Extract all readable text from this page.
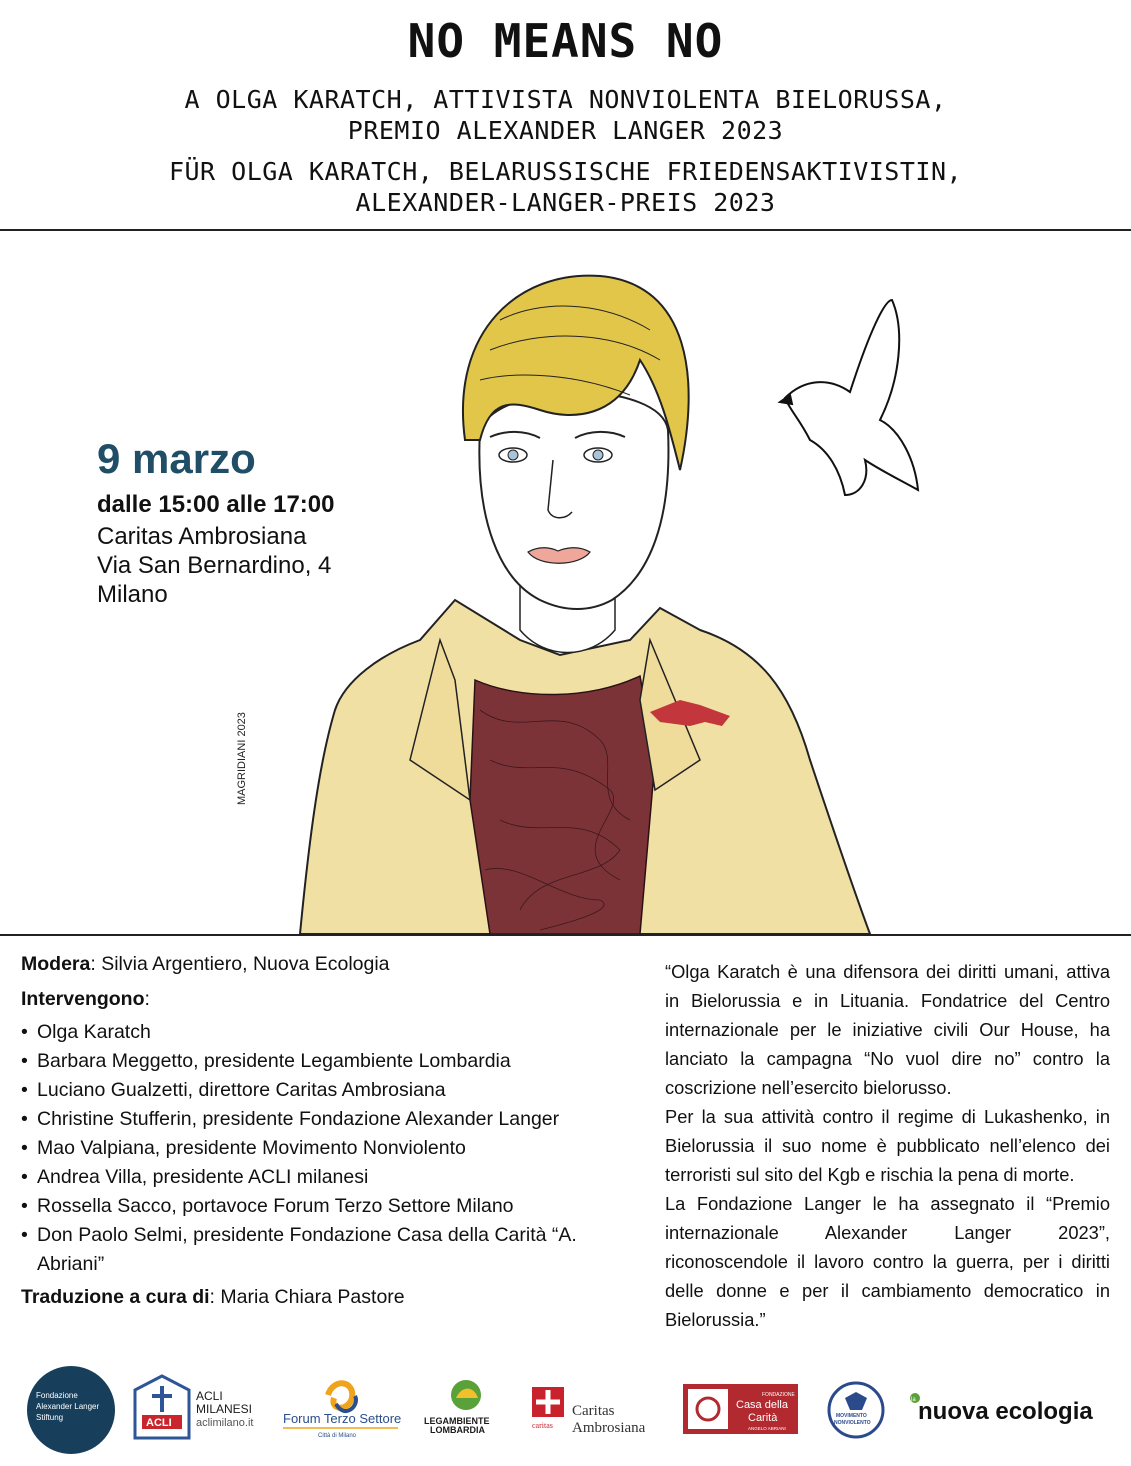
NO MEANS NO
A OLGA KARATCH, ATTIVISTA NONVIOLENTA BIELORUSSA,
PREMIO ALEXANDER LANGER 2023
FÜR OLGA KARATCH, BELARUSSISCHE FRIEDENSAKTIVISTIN,
ALEXANDER-LANGER-PREIS 2023
MAGRIDIANI 2023
9 marzo
dalle 15:00 alle 17:00
Caritas Ambrosiana
Via San Bernardino, 4
Milano
Modera: Silvia Argentiero, Nuova Ecologia
Intervengono:
• Olga Karatch
• Barbara Meggetto, presidente Legambiente Lombardia
• Luciano Gualzetti, direttore Caritas Ambrosiana
• Christine Stufferin, presidente Fondazione Alexander Langer
• Mao Valpiana, presidente Movimento Nonviolento
• Andrea Villa, presidente ACLI milanesi
• Rossella Sacco, portavoce Forum Terzo Settore Milano
• Don Paolo Selmi, presidente Fondazione Casa della Carità “A. Abriani”
Traduzione a cura di: Maria Chiara Pastore

“Olga Karatch è una difensora dei diritti umani, attiva in Bielorussia e in Lituania. Fondatrice del Centro internazionale per le iniziative civili Our House, ha lanciato la campagna “No vuol dire no” contro la coscrizione nell’esercito bielorusso.

Per la sua attività contro il regime di Lukashenko, in Bielorussia il suo nome è pubblicato nell’elenco dei terroristi sul sito del Kgb e rischia la pena di morte.

La Fondazione Langer le ha assegnato il “Premio internazionale Alexander Langer 2023”, riconoscendole il lavoro contro la guerra, per i diritti delle donne e per il cambiamento democratico in Bielorussia.”

Fondazione
Alexander Langer
Stiftung	ACLI
ACLI
MILANESI
aclimilano.it Forum Terzo Settore
Città di Milano
LEGAMBIENTE
LOMBARDIA	caritas
Caritas
Ambrosiana
FONDAZIONE
Casa della
Carità
ANGELO ABRIANI
MOVIMENTO
NONVIOLENTO
la nuova ecologia
